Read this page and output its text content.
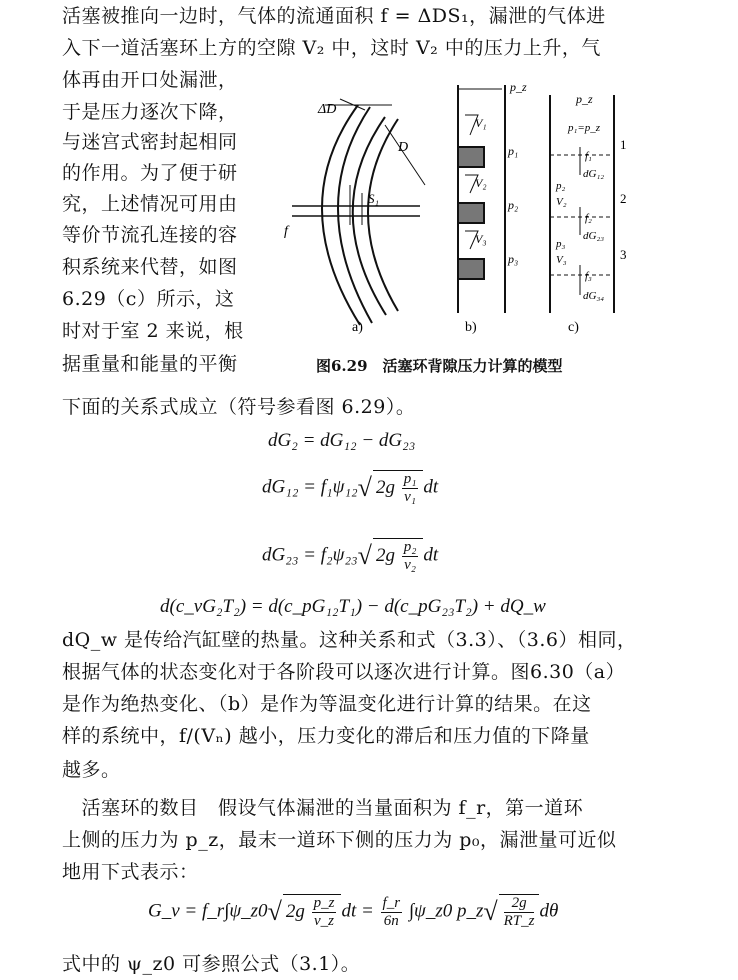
活塞被推向一边时，气体的流通面积 f = ΔDS₁，漏泄的气体进
入下一道活塞环上方的空隙 V₂ 中，这时 V₂ 中的压力上升，气
体再由开口处漏泄，
于是压力逐次下降，
与迷宫式密封起相同
的作用。为了便于研
究，上述情况可用由
等价节流孔连接的容
积系统来代替，如图
6.29（c）所示，这
时对于室 2 来说，根
据重量和能量的平衡
下面的关系式成立（符号参看图 6.29）。
ΔD
D
S₁
f
a)
p_z
V₁
p₁
V₂
p₂
V₃
p₃
b)
p_z
p₁=p_z
1
f₁
dG₁₂
p₂
V₂	2
f₂
dG₂₃
p₃
V₃	3
f₃
dG₃₄
c)
图6.29　活塞环背隙压力计算的模型
dG₂ = dG₁₂ − dG₂₃
dG₁₂ = f₁ψ₁₂√ $2g \frac{\text{p₁}}{\text{v₁}}$ dt
dG₂₃ = f₂ψ₂₃√ $2g \frac{\text{p₂}}{\text{v₂}}$ dt
d(c_vG₂T₂) = d(c_pG₁₂T₁) − d(c_pG₂₃T₂) + dQ_w
dQ_w 是传给汽缸壁的热量。这种关系和式（3.3）、（3.6）相同，
根据气体的状态变化对于各阶段可以逐次进行计算。图6.30（a）
是作为绝热变化、（b）是作为等温变化进行计算的结果。在这
样的系统中，f/(Vₙ) 越小，压力变化的滞后和压力值的下降量
越多。
　活塞环的数目　假设气体漏泄的当量面积为 f_r，第一道环
上侧的压力为 p_z，最末一道环下侧的压力为 p₀，漏泄量可近似
地用下式表示：
G_v = f_r∫ψ_z0√ $2g \frac{p\_z}{v\_z}$ dt = $\frac{f\_r}{6n}$ ∫ψ_z0 p_z√ $\frac{2g}{RT\_z}$ dθ
式中的 ψ_z0 可参照公式（3.1）。
